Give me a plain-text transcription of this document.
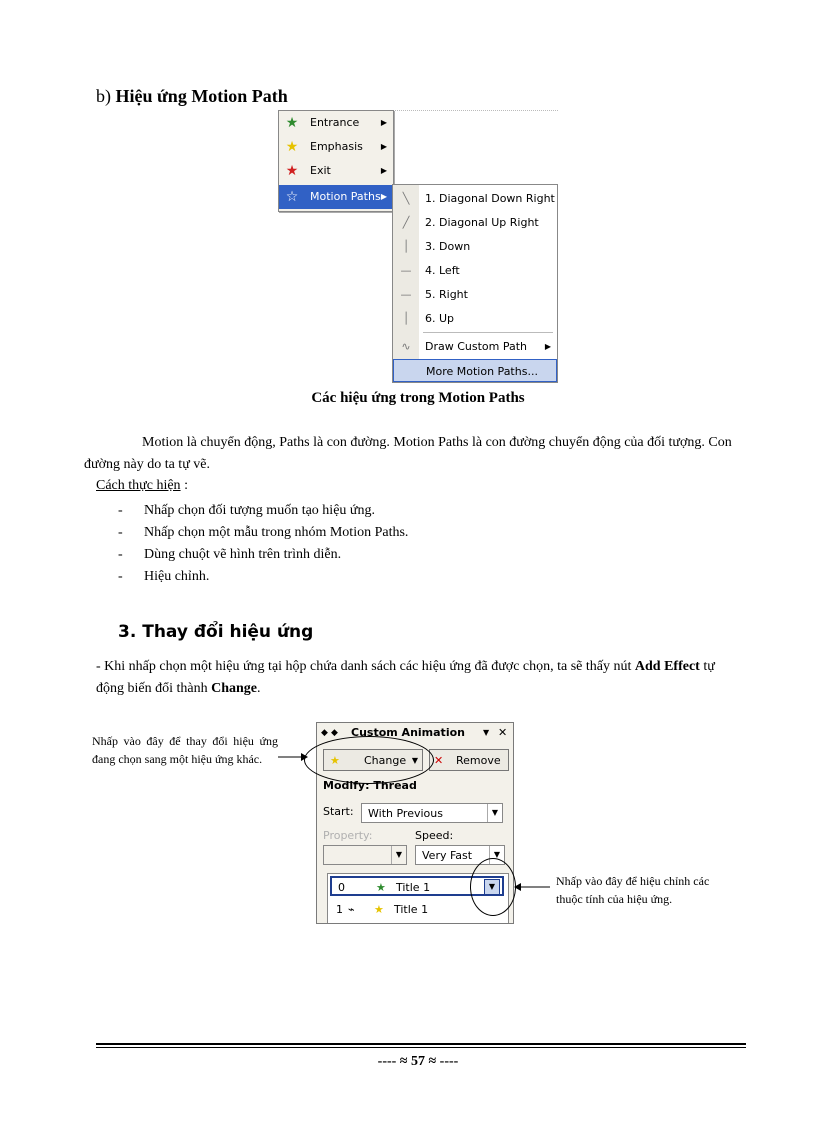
b) Hiệu ứng Motion Path
★ Entrance	▶
★ Emphasis ▶
★ Exit	▶
☆ Motion Paths ▶	╲	1. Diagonal Down Right
╱	2. Diagonal Up Right
│	3. Down
—	4. Left
—	5. Right
│	6. Up
∿	Draw Custom Path ▶
More Motion Paths...
Các hiệu ứng trong Motion Paths
Motion là chuyển động, Paths là con đường. Motion Paths là con đường chuyển động của đối tượng. Con đường này do ta tự vẽ.
Cách thực hiện :
- Nhấp chọn đối tượng muốn tạo hiệu ứng.
- Nhấp chọn một mẫu trong nhóm Motion Paths.
- Dùng chuột vẽ hình trên trình diễn.
- Hiệu chỉnh.
3. Thay đổi hiệu ứng
- Khi nhấp chọn một hiệu ứng tại hộp chứa danh sách các hiệu ứng đã được chọn, ta sẽ thấy nút Add Effect tự động biến đổi thành Change.
◆ ◆ Custom Animation ▼ ✕
★ Change ▼ ✕ Remove
Modify: Thread
Start:	With Previous	▼
Property:	Speed:
▼	Very Fast	▼
0	★ Title 1	▼
1 ⌁ ★ Title 1
Nhấp vào đây để thay đổi hiệu ứng đang chọn sang một hiệu ứng khác.
Nhấp vào đây để hiệu chỉnh các thuộc tính của hiệu ứng.
---- ≈ 57 ≈ ----
